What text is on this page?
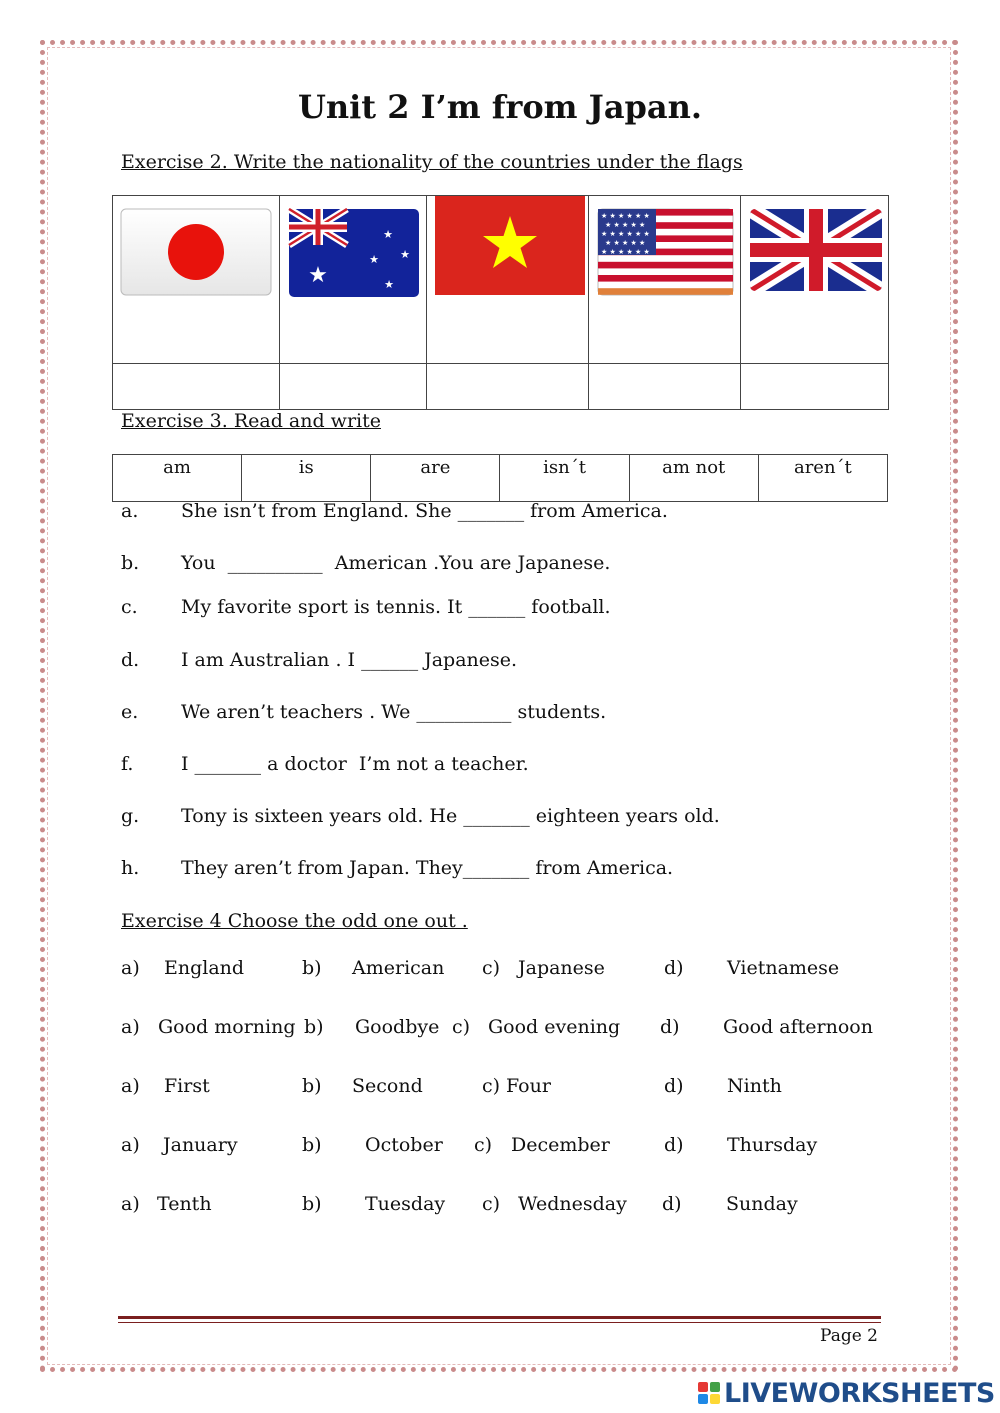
Unit 2 I’m from Japan.
Exercise 2. Write the nationality of the countries under the flags

★
★
★
★
★		★ ★ ★ ★ ★ ★
★ ★ ★ ★ ★
★ ★ ★ ★ ★ ★
★ ★ ★ ★ ★
★ ★ ★ ★ ★ ★

Exercise 3. Read and write
am	is	are	isn´t	am not	aren´t
a. She isn’t from England. She _______ from America.
b. You  __________  American .You are Japanese.
c. My favorite sport is tennis. It ______ football.
d. I am Australian . I ______ Japanese.
e. We aren’t teachers . We __________ students.
f.	I _______ a doctor  I’m not a teacher.
g. Tony is sixteen years old. He _______ eighteen years old.
h. They aren’t from Japan. They_______ from America.
Exercise 4 Choose the odd one out .
a) England	b) American c) Japanese	d) Vietnamese
a) Good morning b) Goodbye c) Good evening d) Good afternoon
a) First	b) Second	c) Four	d) Ninth
a) January	b) October c) December	d) Thursday
a) Tenth	b) Tuesday c) Wednesday d) Sunday
Page 2
LIVEWORKSHEETS
